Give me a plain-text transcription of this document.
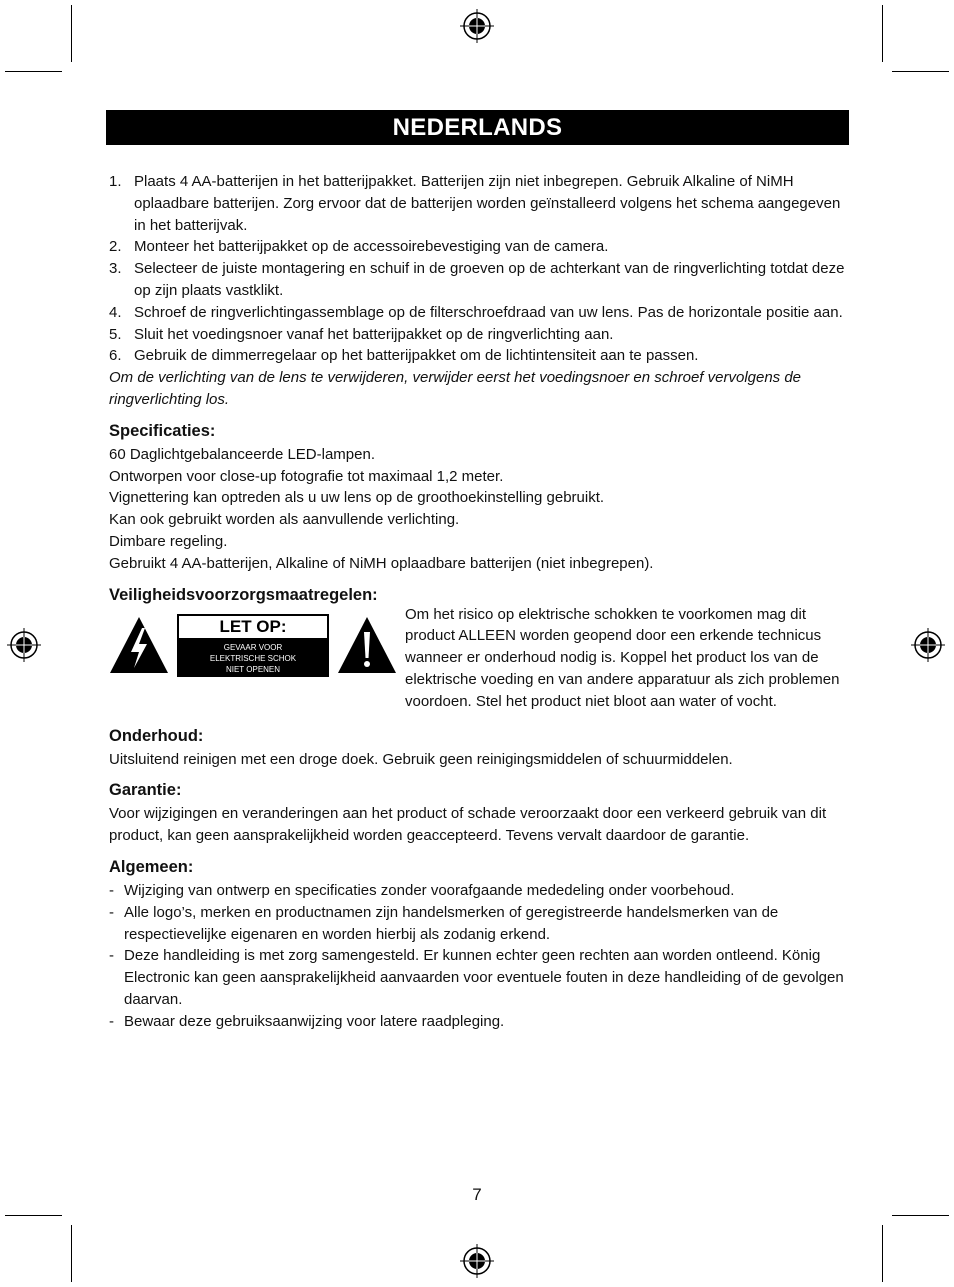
NEDERLANDS
1. Plaats 4 AA-batterijen in het batterijpakket. Batterijen zijn niet inbegrepen. Gebruik Alkaline of NiMH oplaadbare batterijen. Zorg ervoor dat de batterijen worden geïnstalleerd volgens het schema aangegeven in het batterijvak.
2. Monteer het batterijpakket op de accessoirebevestiging van de camera.
3. Selecteer de juiste montagering en schuif in de groeven op de achterkant van de ringverlichting totdat deze op zijn plaats vastklikt.
4. Schroef de ringverlichtingassemblage op de filterschroefdraad van uw lens. Pas de horizontale positie aan.
5. Sluit het voedingsnoer vanaf het batterijpakket op de ringverlichting aan.
6. Gebruik de dimmerregelaar op het batterijpakket om de lichtintensiteit aan te passen.

Om de verlichting van de lens te verwijderen, verwijder eerst het voedingsnoer en schroef vervolgens de ringverlichting los.

Specificaties:

60 Daglichtgebalanceerde LED-lampen.

Ontworpen voor close-up fotografie tot maximaal 1,2 meter.

Vignettering kan optreden als u uw lens op de groothoekinstelling gebruikt.

Kan ook gebruikt worden als aanvullende verlichting.

Dimbare regeling.

Gebruikt 4 AA-batterijen, Alkaline of NiMH oplaadbare batterijen (niet inbegrepen).

Veiligheidsvoorzorgsmaatregelen:
LET OP:
GEVAAR VOOR
ELEKTRISCHE SCHOK
NIET OPENEN

Om het risico op elektrische schokken te voorkomen mag dit product ALLEEN worden geopend door een erkende technicus wanneer er onderhoud nodig is. Koppel het product los van de elektrische voeding en van andere apparatuur als zich problemen voordoen. Stel het product niet bloot aan water of vocht.

Onderhoud:

Uitsluitend reinigen met een droge doek. Gebruik geen reinigingsmiddelen of schuurmiddelen.

Garantie:

Voor wijzigingen en veranderingen aan het product of schade veroorzaakt door een verkeerd gebruik van dit product, kan geen aansprakelijkheid worden geaccepteerd. Tevens vervalt daardoor de garantie.

Algemeen:
- Wijziging van ontwerp en specificaties zonder voorafgaande mededeling onder voorbehoud.
- Alle logo’s, merken en productnamen zijn handelsmerken of geregistreerde handelsmerken van de respectievelijke eigenaren en worden hierbij als zodanig erkend.
- Deze handleiding is met zorg samengesteld. Er kunnen echter geen rechten aan worden ontleend. König Electronic kan geen aansprakelijkheid aanvaarden voor eventuele fouten in deze handleiding of de gevolgen daarvan.
- Bewaar deze gebruiksaanwijzing voor latere raadpleging.
7
